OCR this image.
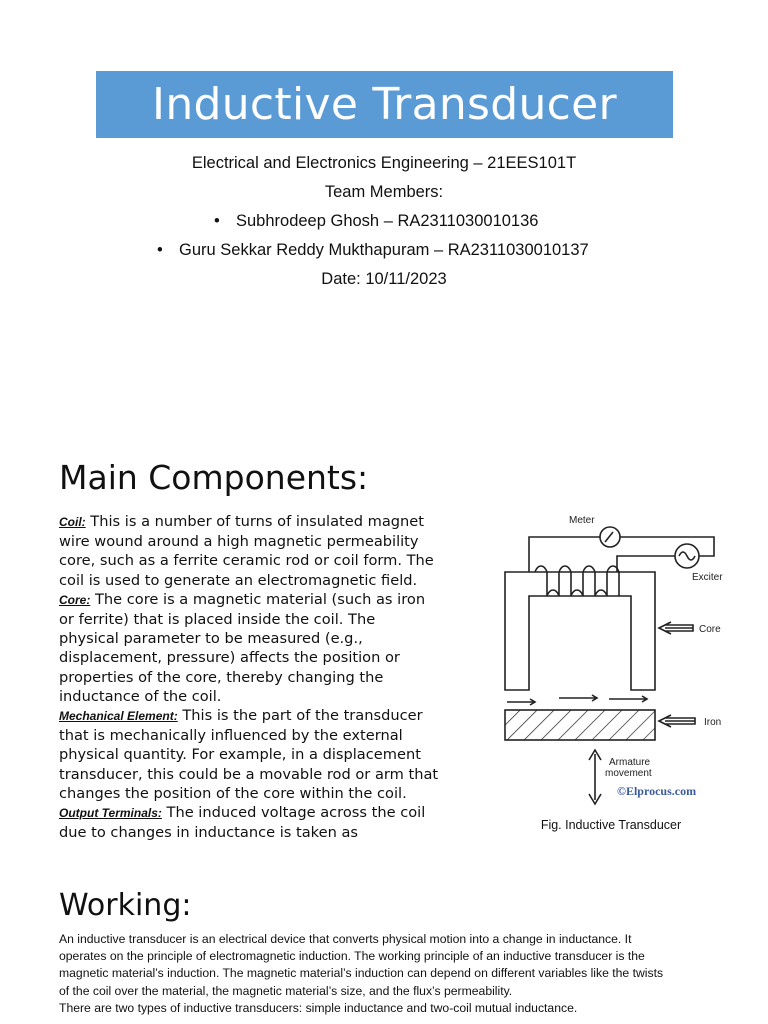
Inductive Transducer
Electrical and Electronics Engineering – 21EES101T
Team Members:
• Subhrodeep Ghosh – RA2311030010136
• Guru Sekkar Reddy Mukthapuram – RA2311030010137
Date: 10/11/2023
Main Components:

Coil: This is a number of turns of insulated magnet wire wound around a high magnetic permeability core, such as a ferrite ceramic rod or coil form. The coil is used to generate an electromagnetic field.

Core: The core is a magnetic material (such as iron or ferrite) that is placed inside the coil. The physical parameter to be measured (e.g., displacement, pressure) affects the position or properties of the core, thereby changing the inductance of the coil.

Mechanical Element: This is the part of the transducer that is mechanically influenced by the external physical quantity. For example, in a displacement transducer, this could be a movable rod or arm that changes the position of the core within the coil.

Output Terminals: The induced voltage across the coil due to changes in inductance is taken as

Meter
Exciter
Core
Iron
Armature
movement
©Elprocus.com
Fig. Inductive Transducer
Working:

An inductive transducer is an electrical device that converts physical motion into a change in inductance. It operates on the principle of electromagnetic induction. The working principle of an inductive transducer is the magnetic material’s induction. The magnetic material’s induction can depend on different variables like the twists of the coil over the material, the magnetic material’s size, and the flux’s permeability.

There are two types of inductive transducers: simple inductance and two-coil mutual inductance.
